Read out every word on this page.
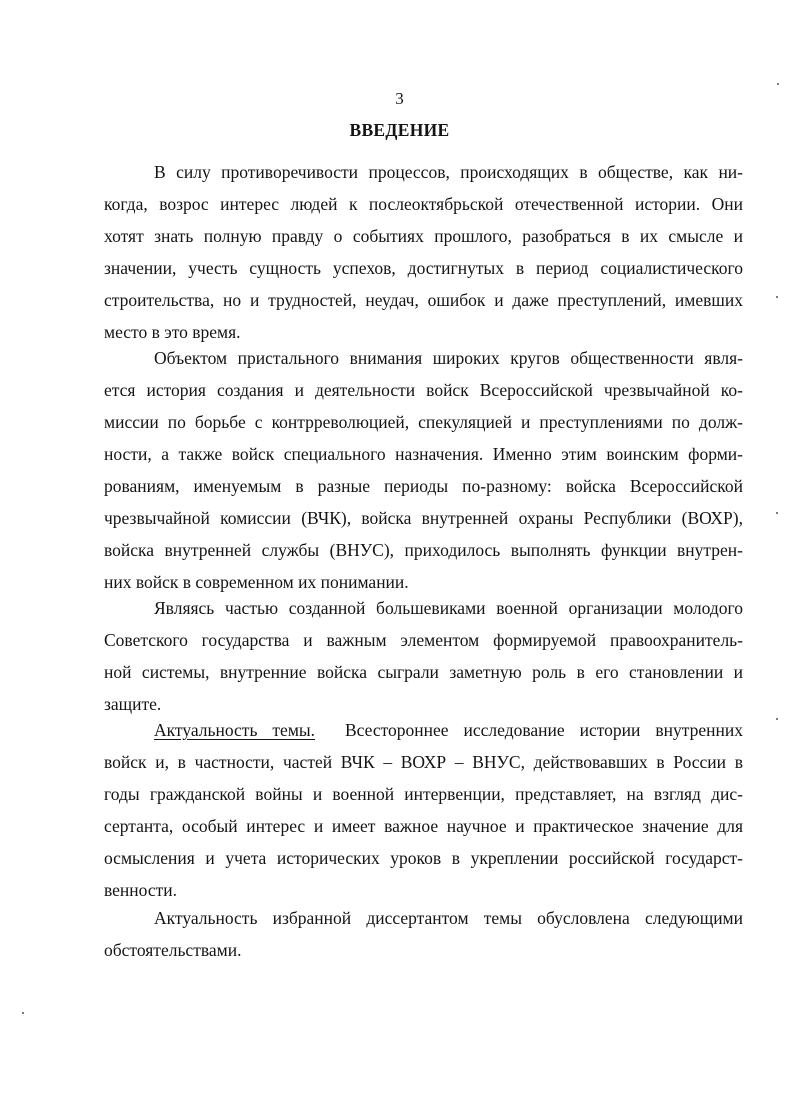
3
ВВЕДЕНИЕ
В силу противоречивости процессов, происходящих в обществе, как ни-
когда, возрос интерес людей к послеоктябрьской отечественной истории. Они
хотят знать полную правду о событиях прошлого, разобраться в их смысле и
значении, учесть сущность успехов, достигнутых в период социалистического
строительства, но и трудностей, неудач, ошибок и даже преступлений, имевших
место в это время.
Объектом пристального внимания широких кругов общественности явля-
ется история создания и деятельности войск Всероссийской чрезвычайной ко-
миссии по борьбе с контрреволюцией, спекуляцией и преступлениями по долж-
ности, а также войск специального назначения. Именно этим воинским форми-
рованиям, именуемым в разные периоды по-разному: войска Всероссийской
чрезвычайной комиссии (ВЧК), войска внутренней охраны Республики (ВОХР),
войска внутренней службы (ВНУС), приходилось выполнять функции внутрен-
них войск в современном их понимании.
Являясь частью созданной большевиками военной организации молодого
Советского государства и важным элементом формируемой правоохранитель-
ной системы, внутренние войска сыграли заметную роль в его становлении и
защите.
Актуальность темы. Всестороннее исследование истории внутренних
войск и, в частности, частей ВЧК – ВОХР – ВНУС, действовавших в России в
годы гражданской войны и военной интервенции, представляет, на взгляд дис-
сертанта, особый интерес и имеет важное научное и практическое значение для
осмысления и учета исторических уроков в укреплении российской государст-
венности.
Актуальность избранной диссертантом темы обусловлена следующими
обстоятельствами.
